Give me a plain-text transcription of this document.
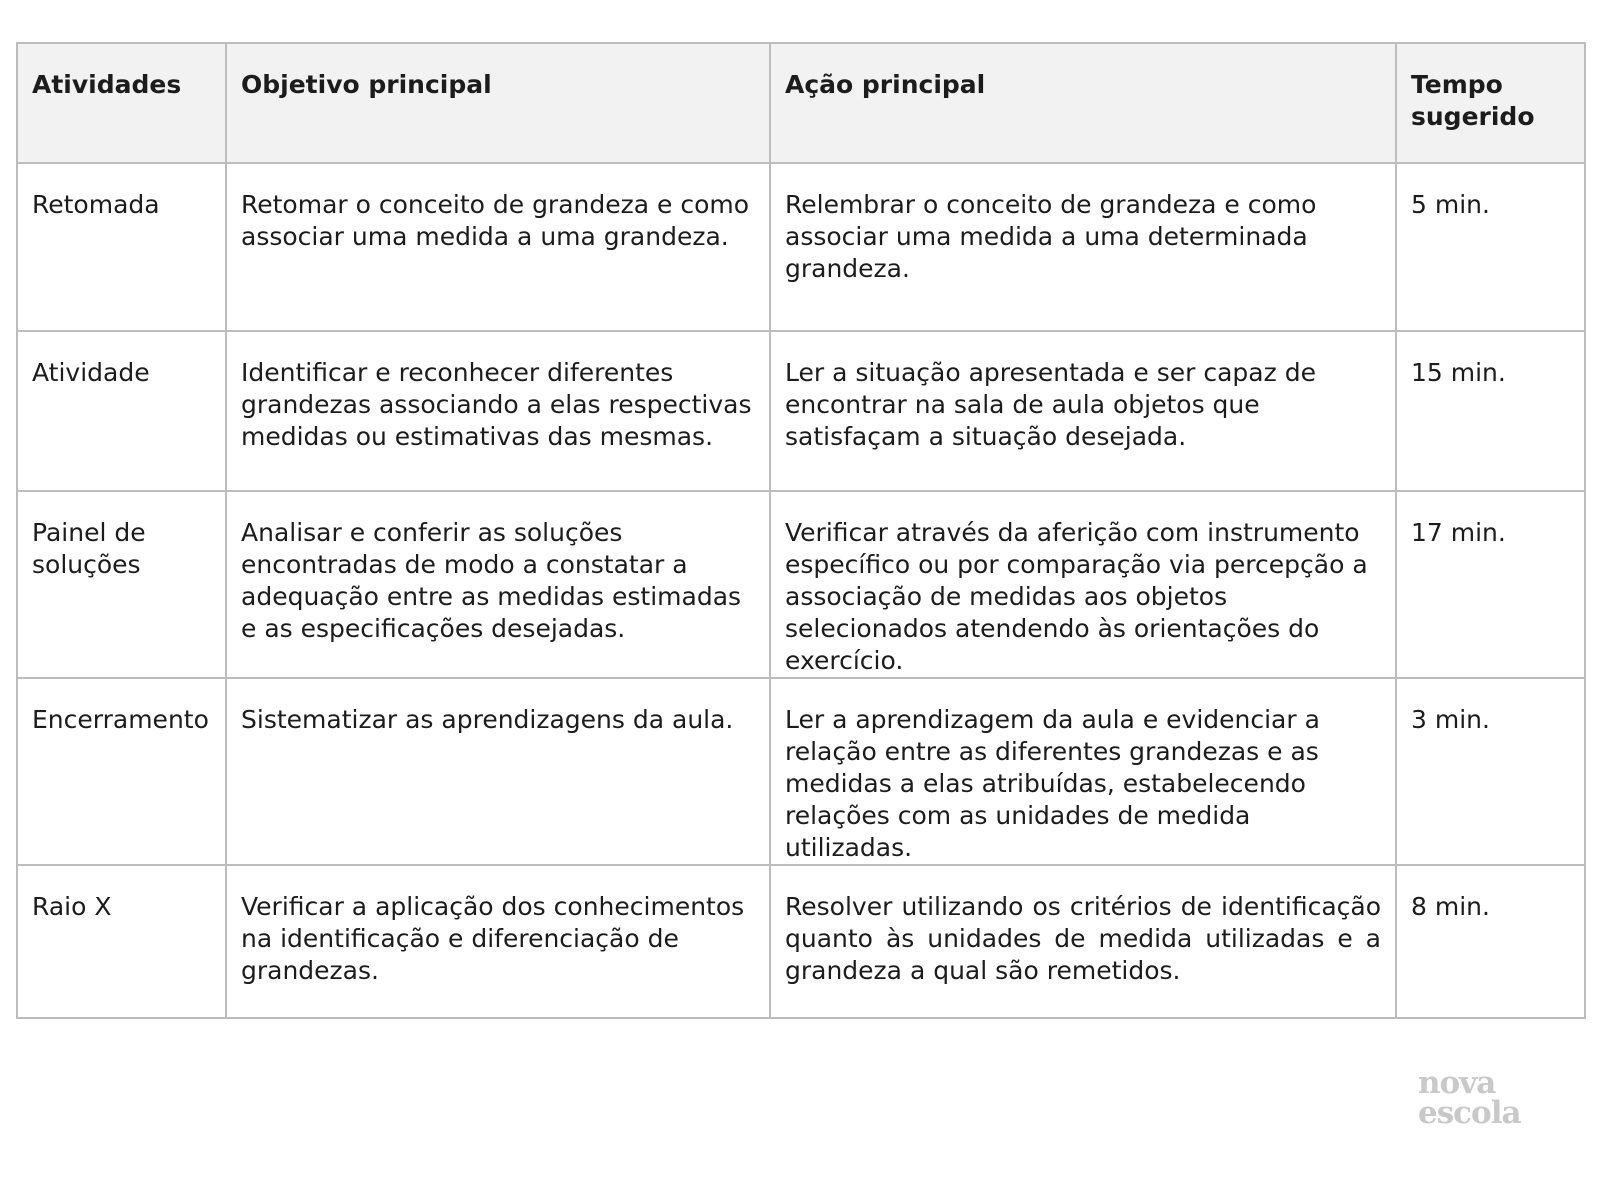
Atividades	Objetivo principal	Ação principal	Tempo sugerido
Retomada	Retomar o conceito de grandeza e como associar uma medida a uma grandeza.	Relembrar o conceito de grandeza e como associar uma medida a uma determinada grandeza.	5 min.
Atividade	Identificar e reconhecer diferentes grandezas associando a elas respectivas medidas ou estimativas das mesmas.	Ler a situação apresentada e ser capaz de encontrar na sala de aula objetos que satisfaçam a situação desejada.	15 min.
Painel de soluções	Analisar e conferir as soluções encontradas de modo a constatar a adequação entre as medidas estimadas e as especificações desejadas.	Verificar através da aferição com instrumento específico ou por comparação via percepção a associação de medidas aos objetos selecionados atendendo às orientações do exercício.	17 min.
Encerramento	Sistematizar as aprendizagens da aula.	Ler a aprendizagem da aula e evidenciar a relação entre as diferentes grandezas e as medidas a elas atribuídas, estabelecendo relações com as unidades de medida utilizadas.	3 min.
Raio X	Verificar a aplicação dos conhecimentos na identificação e diferenciação de grandezas.	Resolver utilizando os critérios de identificação quanto às unidades de medida utilizadas e a grandeza a qual são remetidos.	8 min.
nova
escola
